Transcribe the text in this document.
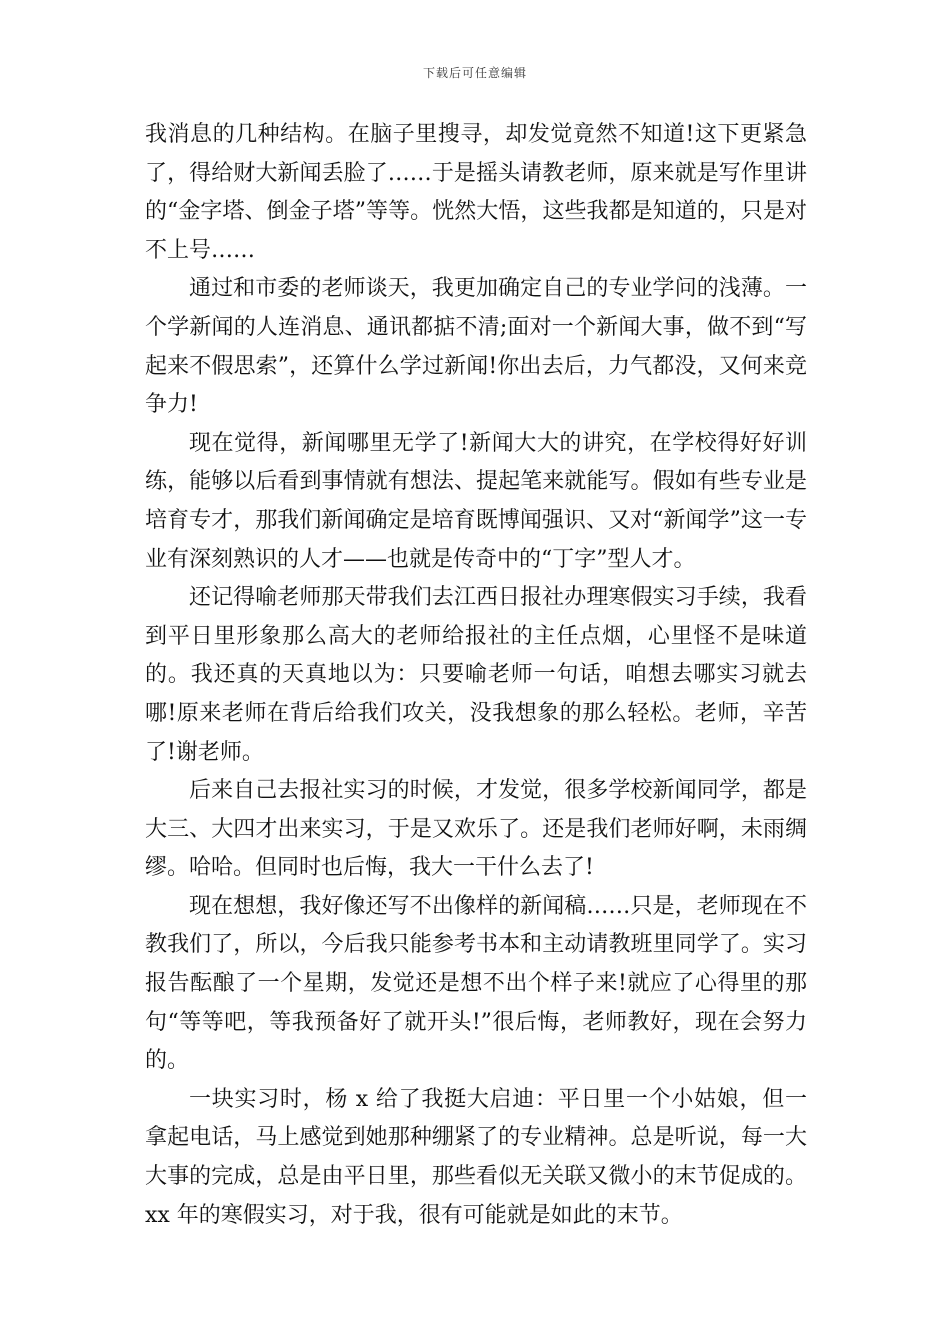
下载后可任意编辑

我消息的几种结构。在脑子里搜寻，却发觉竟然不知道!这下更紧急了，得给财大新闻丢脸了……于是摇头请教老师，原来就是写作里讲的“金字塔、倒金子塔”等等。恍然大悟，这些我都是知道的，只是对不上号……

通过和市委的老师谈天，我更加确定自己的专业学问的浅薄。一个学新闻的人连消息、通讯都掂不清;面对一个新闻大事，做不到“写起来不假思索”，还算什么学过新闻!你出去后，力气都没，又何来竞争力!

现在觉得，新闻哪里无学了!新闻大大的讲究，在学校得好好训练，能够以后看到事情就有想法、提起笔来就能写。假如有些专业是培育专才，那我们新闻确定是培育既博闻强识、又对“新闻学”这一专业有深刻熟识的人才——也就是传奇中的“丁字”型人才。

还记得喻老师那天带我们去江西日报社办理寒假实习手续，我看到平日里形象那么高大的老师给报社的主任点烟，心里怪不是味道的。我还真的天真地以为：只要喻老师一句话，咱想去哪实习就去哪!原来老师在背后给我们攻关，没我想象的那么轻松。老师，辛苦了!谢老师。

后来自己去报社实习的时候，才发觉，很多学校新闻同学，都是大三、大四才出来实习，于是又欢乐了。还是我们老师好啊，未雨绸缪。哈哈。但同时也后悔，我大一干什么去了!

现在想想，我好像还写不出像样的新闻稿……只是，老师现在不教我们了，所以，今后我只能参考书本和主动请教班里同学了。实习报告酝酿了一个星期，发觉还是想不出个样子来!就应了心得里的那句“等等吧，等我预备好了就开头!”很后悔，老师教好，现在会努力的。

一块实习时，杨 x 给了我挺大启迪：平日里一个小姑娘，但一拿起电话，马上感觉到她那种绷紧了的专业精神。总是听说，每一大大事的完成，总是由平日里，那些看似无关联又微小的末节促成的。xx 年的寒假实习，对于我，很有可能就是如此的末节。
